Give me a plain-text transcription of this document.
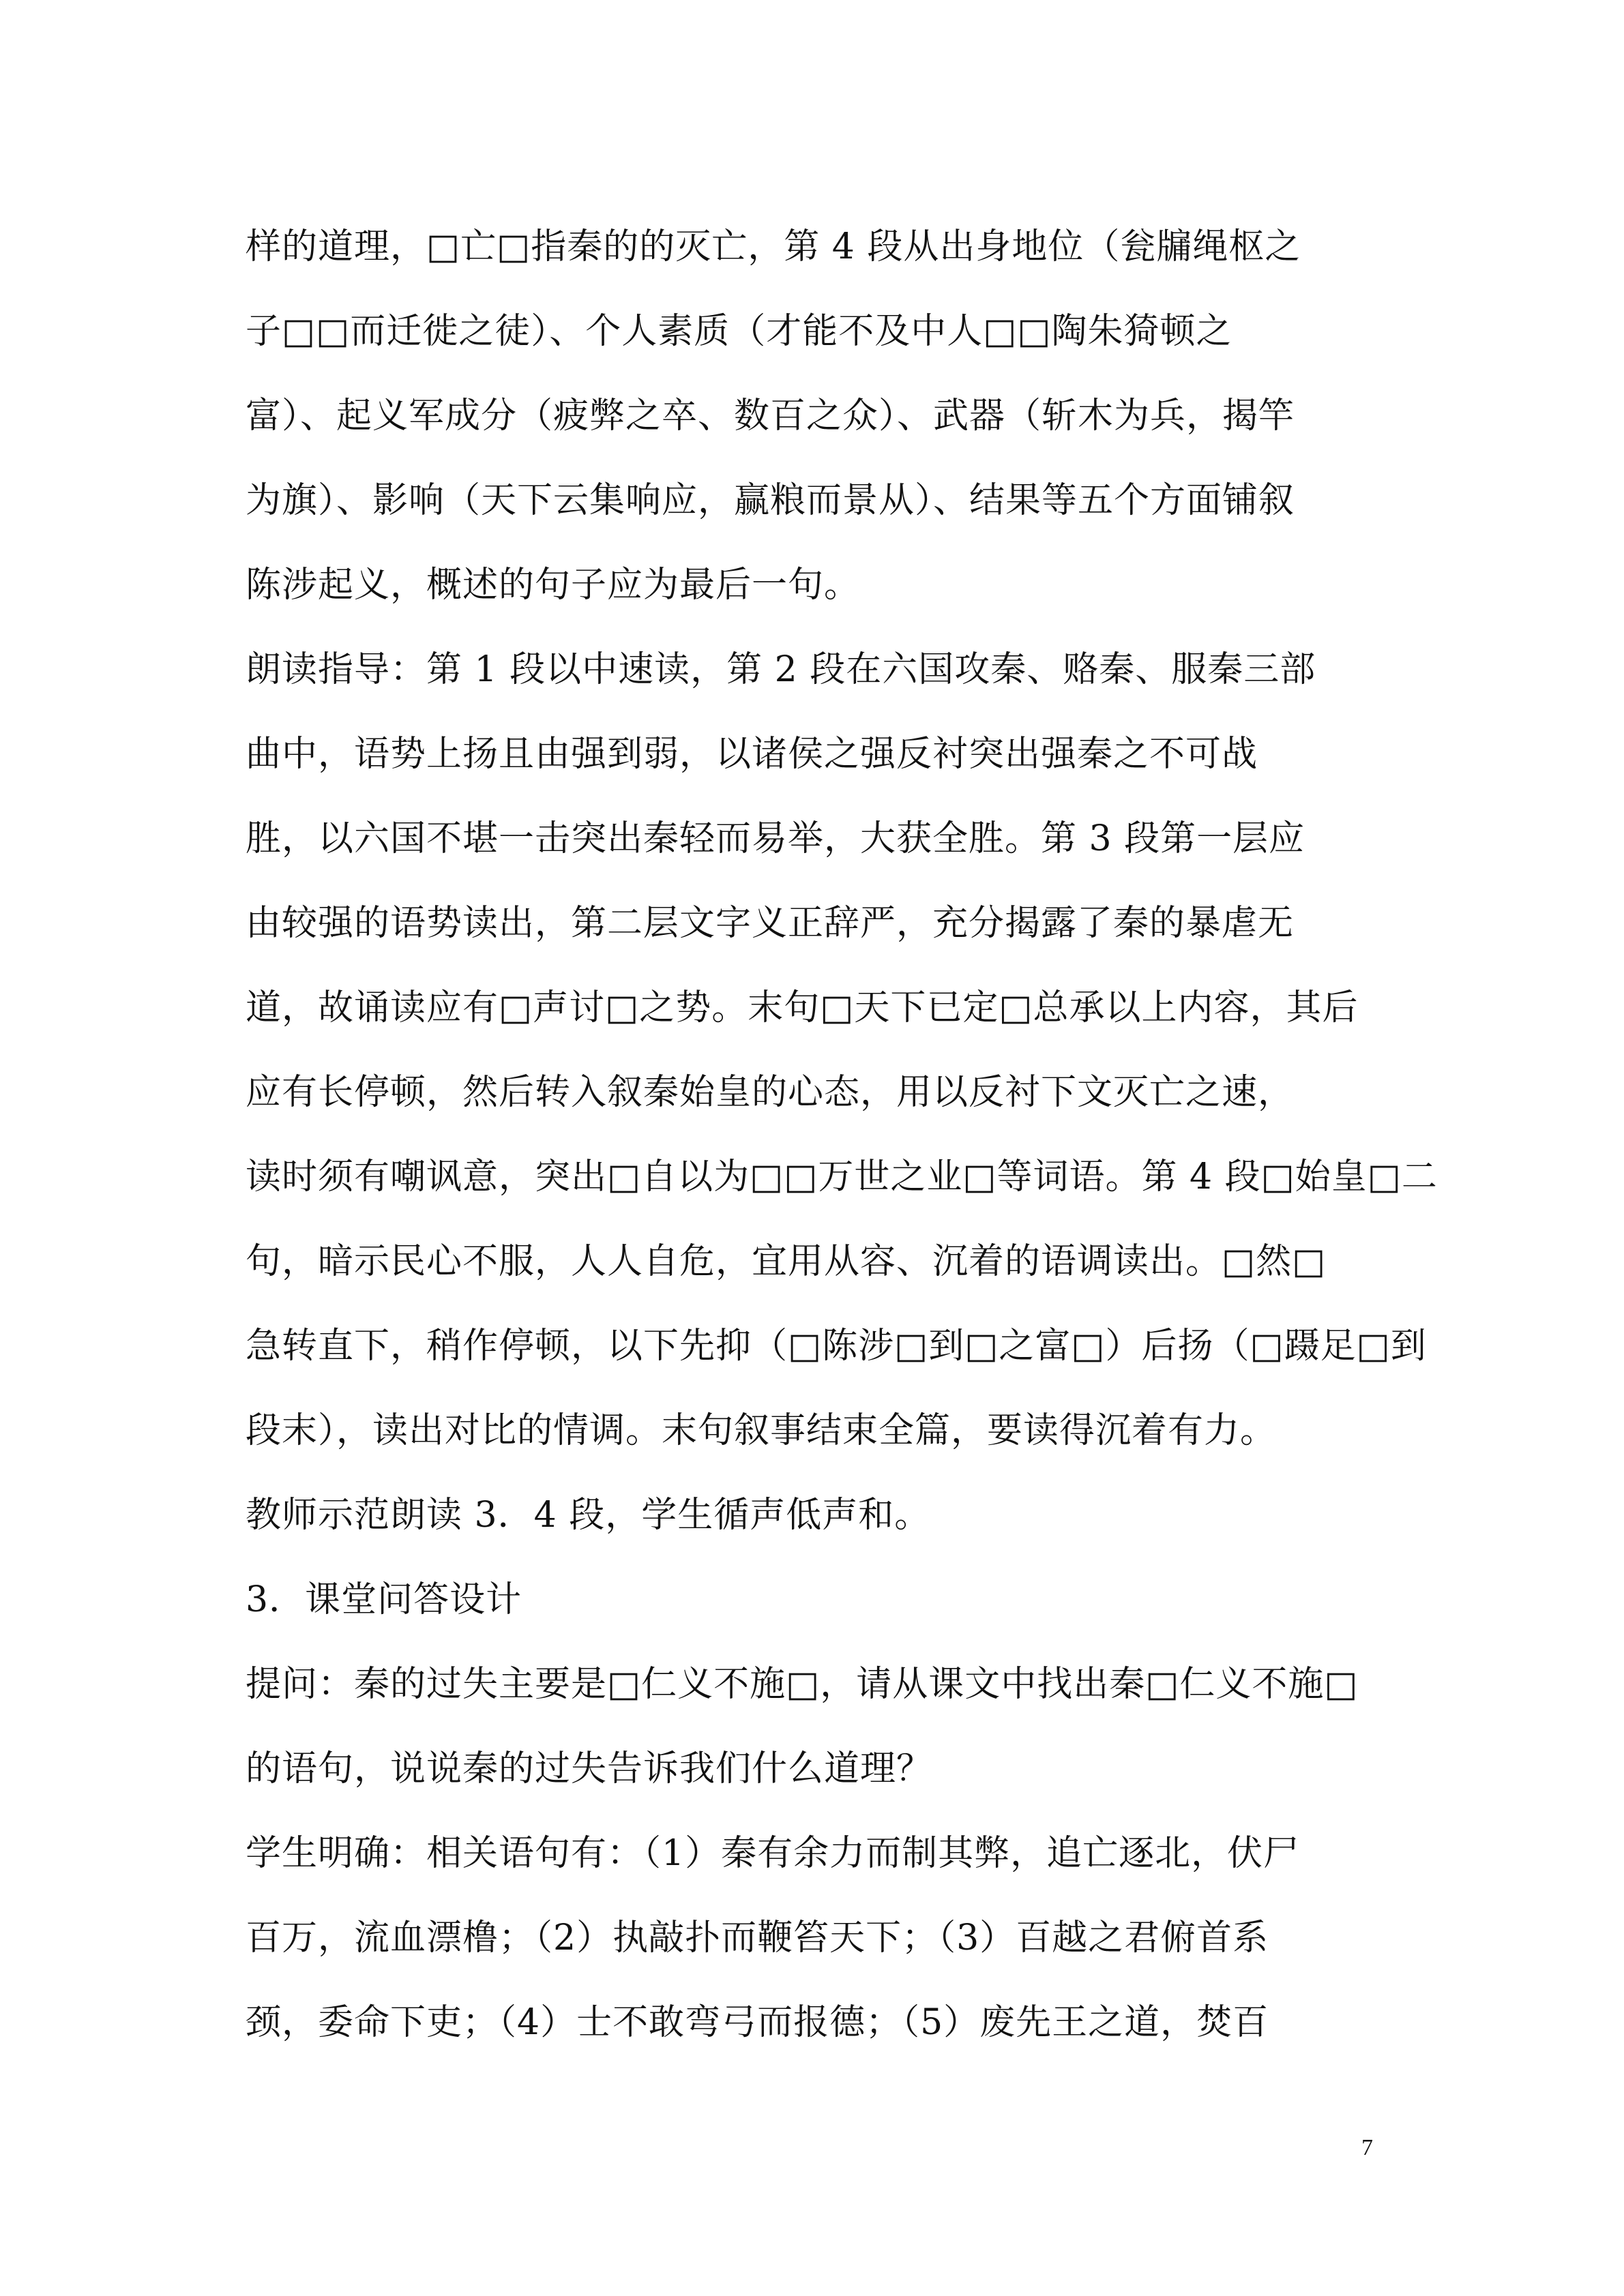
样的道理，□亡□指秦的的灭亡，第 4 段从出身地位（瓮牖绳枢之
子□□而迁徙之徒）、个人素质（才能不及中人□□陶朱猗顿之
富）、起义军成分（疲弊之卒、数百之众）、武器（斩木为兵，揭竿
为旗）、影响（天下云集响应，赢粮而景从）、结果等五个方面铺叙
陈涉起义，概述的句子应为最后一句。
朗读指导：第 1 段以中速读，第 2 段在六国攻秦、赂秦、服秦三部
曲中，语势上扬且由强到弱，以诸侯之强反衬突出强秦之不可战
胜，以六国不堪一击突出秦轻而易举，大获全胜。第 3 段第一层应
由较强的语势读出，第二层文字义正辞严，充分揭露了秦的暴虐无
道，故诵读应有□声讨□之势。末句□天下已定□总承以上内容，其后
应有长停顿，然后转入叙秦始皇的心态，用以反衬下文灭亡之速，
读时须有嘲讽意，突出□自以为□□万世之业□等词语。第 4 段□始皇□二
句，暗示民心不服，人人自危，宜用从容、沉着的语调读出。□然□
急转直下，稍作停顿，以下先抑（□陈涉□到□之富□）后扬（□蹑足□到
段末），读出对比的情调。末句叙事结束全篇，要读得沉着有力。
教师示范朗读 3．4 段，学生循声低声和。
3．课堂问答设计
提问：秦的过失主要是□仁义不施□，请从课文中找出秦□仁义不施□
的语句，说说秦的过失告诉我们什么道理？
学生明确：相关语句有：（1）秦有余力而制其弊，追亡逐北，伏尸
百万，流血漂橹；（2）执敲扑而鞭笞天下；（3）百越之君俯首系
颈，委命下吏；（4）士不敢弯弓而报德；（5）废先王之道，焚百
7
